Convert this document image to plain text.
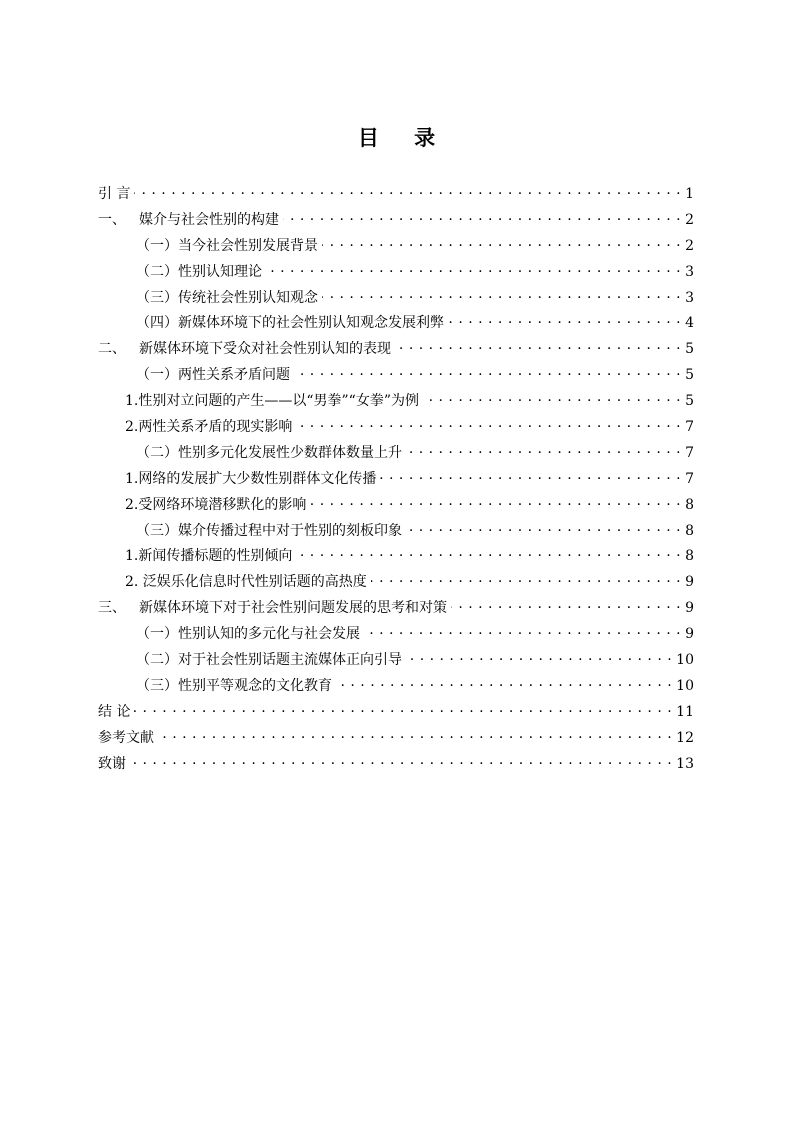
目 录
引 言 . . .	1
一、 媒介与社会性别的构建 . . .	2
（一）当今社会性别发展背景 . . .	2
（二）性别认知理论 . . .	3
（三）传统社会性别认知观念 . . .	3
（四）新媒体环境下的社会性别认知观念发展利弊 . . .	4
二、 新媒体环境下受众对社会性别认知的表现 . . .	5
（一）两性关系矛盾问题 . . .	5
1.性别对立问题的产生——以“男拳”“女拳”为例 . . .	5
2.两性关系矛盾的现实影响 . . .	7
（二）性别多元化发展性少数群体数量上升 . . .	7
1.网络的发展扩大少数性别群体文化传播 . . .	7
2.受网络环境潜移默化的影响 . . .	8
（三）媒介传播过程中对于性别的刻板印象 . . .	8
1.新闻传播标题的性别倾向 . . .	8
2. 泛娱乐化信息时代性别话题的高热度 . . .	9
三、 新媒体环境下对于社会性别问题发展的思考和对策 . . .	9
（一）性别认知的多元化与社会发展 . . .	9
（二）对于社会性别话题主流媒体正向引导 . . .	10
（三）性别平等观念的文化教育 . . .	10
结 论 . . .	11
参考文献 . . .	12
致谢 . . .	13
